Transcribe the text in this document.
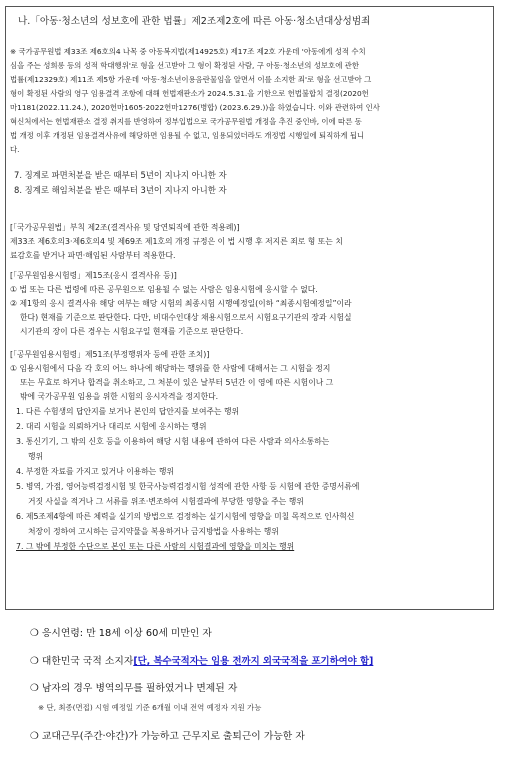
나.「아동·청소년의 성보호에 관한 법률」제2조제2호에 따른 아동·청소년대상성범죄
※ 국가공무원법 제33조 제6호의4 나목 중 아동복지법(제14925호) 제17조 제2호 가운데 '아동에게 성적 수치
심을 주는 성희롱 등의 성적 학대행위'로 형을 선고받아 그 형이 확정된 사람, 구 아동·청소년의 성보호에 관한
법률(제12329호) 제11조 제5항 가운데 '아동·청소년이용음란물임을 알면서 이를 소지한 죄'로 형을 선고받아 그
형이 확정된 사람의 영구 임용결격 조항에 대해 헌법재판소가 2024.5.31.을 기한으로 헌법불합치 결정(2020헌
마1181(2022.11.24.), 2020헌마1605·2022헌마1276(병합) (2023.6.29.))을 하였습니다. 이와 관련하여 인사
혁신처에서는 헌법재판소 결정 취지를 반영하여 정부입법으로 국가공무원법 개정을 추진 중인바, 이에 따른 동
법 개정 이후 개정된 임용결격사유에 해당하면 임용될 수 없고, 임용되었더라도 개정법 시행일에 퇴직하게 됩니
다.
7. 징계로 파면처분을 받은 때부터 5년이 지나지 아니한 자
8. 징계로 해임처분을 받은 때부터 3년이 지나지 아니한 자
[「국가공무원법」부칙 제2조(결격사유 및 당연퇴직에 관한 적용례)]
제33조 제6호의3·제6호의4 및 제69조 제1호의 개정 규정은 이 법 시행 후 저지른 죄로 형 또는 치
료감호를 받거나 파면·해임된 사람부터 적용한다.
[「공무원임용시험령」제15조(응시 결격사유 등)]
① 법 또는 다른 법령에 따른 공무원으로 임용될 수 없는 사람은 임용시험에 응시할 수 없다.
② 제1항의 응시 결격사유 해당 여부는 해당 시험의 최종시험 시행예정일(이하 “최종시험예정일”이라
한다) 현재를 기준으로 판단한다. 다만, 비대수인대상 채용시험으로서 시험요구기관의 장과 시험실
시기관의 장이 다른 경우는 시험요구일 현재를 기준으로 판단한다.
[「공무원임용시험령」제51조(부정행위자 등에 관한 조치)]
① 임용시험에서 다음 각 호의 어느 하나에 해당하는 행위를 한 사람에 대해서는 그 시험을 정지
또는 무효로 하거나 합격을 취소하고, 그 처분이 있은 날부터 5년간 이 영에 따른 시험이나 그
밖에 국가공무원 임용을 위한 시험의 응시자격을 정지한다.
1. 다른 수험생의 답안지를 보거나 본인의 답안지를 보여주는 행위
2. 대리 시험을 의뢰하거나 대리로 시험에 응시하는 행위
3. 통신기기, 그 밖의 신호 등을 이용하여 해당 시험 내용에 관하여 다른 사람과 의사소통하는
행위
4. 부정한 자료를 가지고 있거나 이용하는 행위
5. 병역, 가점, 영어능력검정시험 및 한국사능력검정시험 성적에 관한 사항 등 시험에 관한 증명서류에
거짓 사실을 적거나 그 서류를 위조·변조하여 시험결과에 부당한 영향을 주는 행위
6. 제5조제4항에 따른 체력을 실기의 방법으로 검정하는 실기시험에 영향을 미칠 목적으로 인사혁신
처장이 정하여 고시하는 금지약물을 복용하거나 금지방법을 사용하는 행위
7. 그 밖에 부정한 수단으로 본인 또는 다른 사람의 시험결과에 영향을 미치는 행위
❍ 응시연령: 만 18세 이상 60세 미만인 자
❍ 대한민국 국적 소지자[단, 복수국적자는 임용 전까지 외국국적을 포기하여야 함]
❍ 남자의 경우 병역의무를 필하였거나 면제된 자
※ 단, 최종(면접) 시험 예정일 기준 6개월 이내 전역 예정자 지원 가능
❍ 교대근무(주간·야간)가 가능하고 근무지로 출퇴근이 가능한 자
